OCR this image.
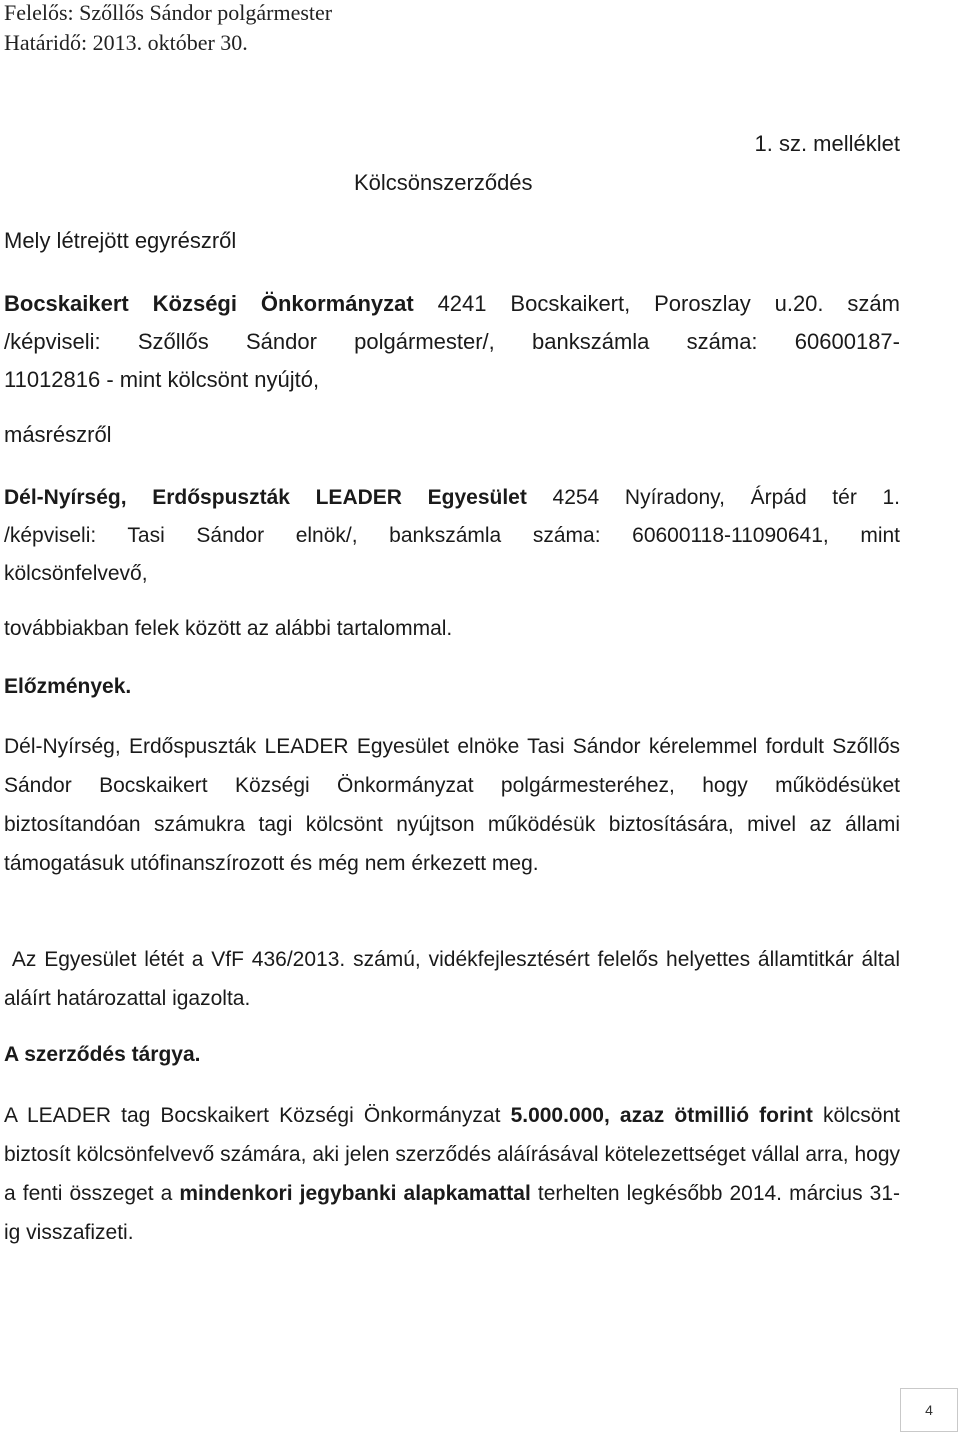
Felelős: Szőllős Sándor polgármester
Határidő: 2013. október 30.
1. sz. melléklet
Kölcsönszerződés
Mely létrejött egyrészről
Bocskaikert Községi Önkormányzat 4241 Bocskaikert, Poroszlay u.20. szám
/képviseli: Szőllős Sándor polgármester/, bankszámla száma: 60600187-
11012816 - mint kölcsönt nyújtó,
másrészről
Dél-Nyírség, Erdőspuszták LEADER Egyesület 4254 Nyíradony, Árpád tér 1.
/képviseli: Tasi Sándor elnök/, bankszámla száma: 60600118-11090641, mint
kölcsönfelvevő,
továbbiakban felek között az alábbi tartalommal.
Előzmények.
Dél-Nyírség, Erdőspuszták LEADER Egyesület elnöke Tasi Sándor kérelemmel fordult Szőllős Sándor Bocskaikert Községi Önkormányzat polgármesteréhez, hogy működésüket biztosítandóan számukra tagi kölcsönt nyújtson működésük biztosítására, mivel az állami támogatásuk utófinanszírozott és még nem érkezett meg.
Az Egyesület létét a VfF 436/2013. számú, vidékfejlesztésért felelős helyettes államtitkár által aláírt határozattal igazolta.
A szerződés tárgya.
A LEADER tag Bocskaikert Községi Önkormányzat 5.000.000, azaz ötmillió forint kölcsönt biztosít kölcsönfelvevő számára, aki jelen szerződés aláírásával kötelezettséget vállal arra, hogy a fenti összeget a mindenkori jegybanki alapkamattal terhelten legkésőbb 2014. március 31-ig visszafizeti.
4
